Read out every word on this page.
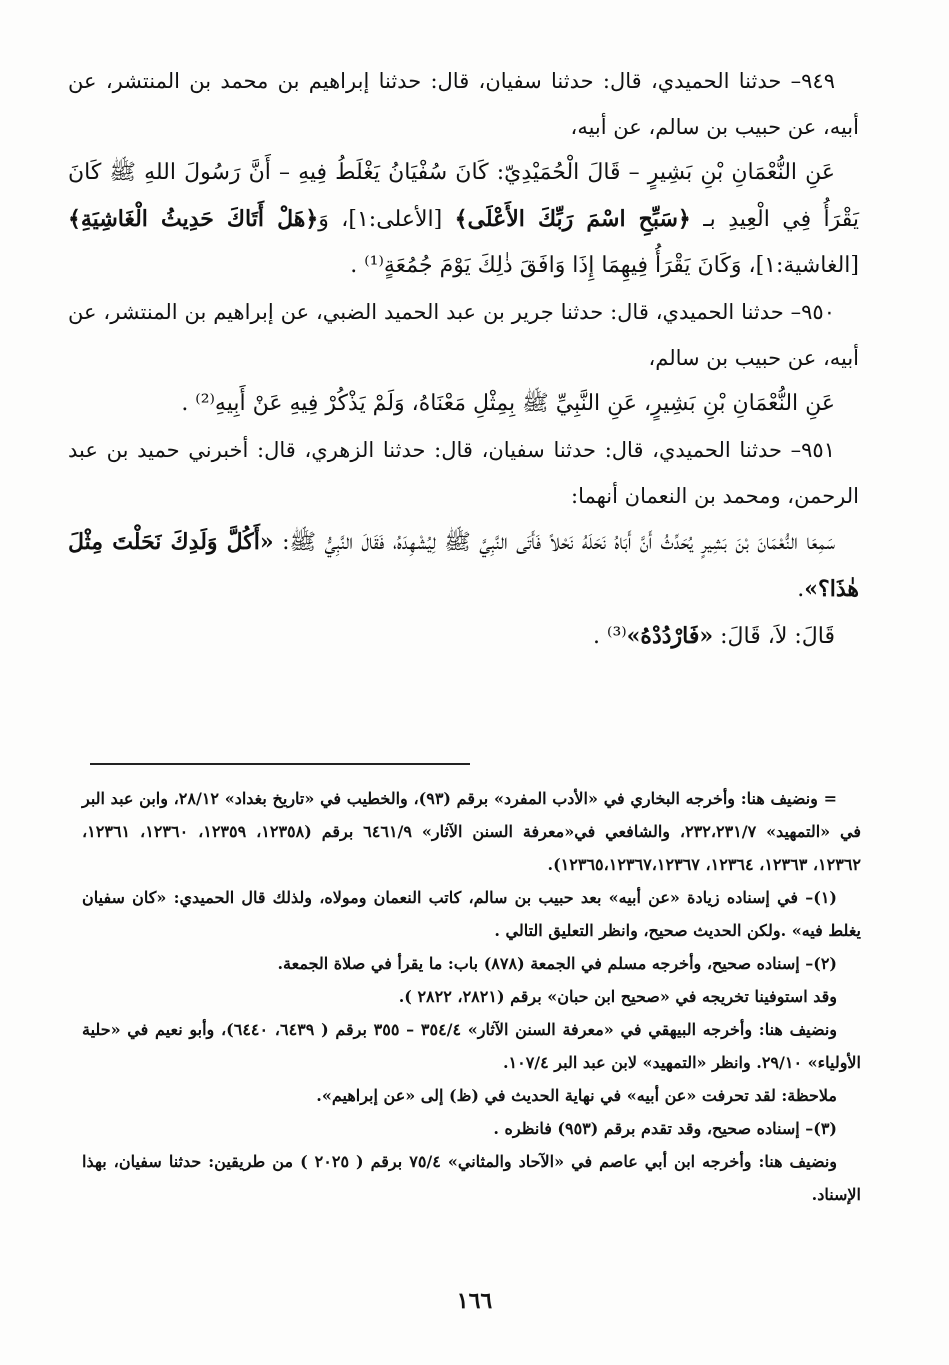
٩٤٩– حدثنا الحميدي، قال: حدثنا سفيان، قال: حدثنا إبراهيم بن محمد بن المنتشر، عن أبيه، عن حبيب بن سالم، عن أبيه،

عَنِ النُّعْمَانِ بْنِ بَشِيرٍ – قَالَ الْحُمَيْدِيّ: كَانَ سُفْيَانُ يَغْلَطُ فِيهِ – أَنَّ رَسُولَ اللهِ ﷺ كَانَ يَقْرَأُ فِي الْعِيدِ بـ ﴿سَبِّحِ اسْمَ رَبِّكَ الأَعْلَى﴾ [الأعلى:١]، وَ﴿هَلْ أَتَاكَ حَدِيثُ الْغَاشِيَةِ﴾ [الغاشية:١]، وَكَانَ يَقْرَأُ فِيهِمَا إِذَا وَافَقَ ذٰلِكَ يَوْمَ جُمُعَةٍ⁽¹⁾ .

٩٥٠– حدثنا الحميدي، قال: حدثنا جرير بن عبد الحميد الضبي، عن إبراهيم بن المنتشر، عن أبيه، عن حبيب بن سالم،

عَنِ النُّعْمَانِ بْنِ بَشِيرٍ، عَنِ النَّبِيِّ ﷺ بِمِثْلِ مَعْنَاهُ، وَلَمْ يَذْكُرْ فِيهِ عَنْ أَبِيهِ⁽²⁾ .

٩٥١– حدثنا الحميدي، قال: حدثنا سفيان، قال: حدثنا الزهري، قال: أخبرني حميد بن عبد الرحمن، ومحمد بن النعمان أنهما:

سَمِعَا النُّعْمَانَ بْنَ بَشِيرٍ يُحَدِّثُ أَنَّ أَبَاهُ نَحَلَهُ نَحْلاً فَأَتَى النَّبِيَّ ﷺ لِيُشْهِدَهُ، فَقَالَ النَّبِيُّ ﷺ: «أَكُلَّ وَلَدِكَ نَحَلْتَ مِثْلَ هٰذَا؟».

قَالَ: لاَ، قَالَ: «فَارْدُدْهُ»⁽³⁾ .

= ونضيف هنا: وأخرجه البخاري في «الأدب المفرد» برقم (٩٣)، والخطيب في «تاريخ بغداد» ٢٨/١٢، وابن عبد البر في «التمهيد» ٢٣٢،٢٣١/٧، والشافعي في«معرفة السنن الآثار» ٦٤٦١/٩ برقم (١٢٣٥٨، ١٢٣٥٩، ١٢٣٦٠، ١٢٣٦١، ١٢٣٦٢، ١٢٣٦٣، ١٢٣٦٤، ١٢٣٦٥،١٢٣٦٧،١٢٣٦٧).

(١)– في إسناده زيادة «عن أبيه» بعد حبيب بن سالم، كاتب النعمان ومولاه، ولذلك قال الحميدي: «كان سفيان يغلط فيه» .ولكن الحديث صحيح، وانظر التعليق التالي .

(٢)– إسناده صحيح، وأخرجه مسلم في الجمعة (٨٧٨) باب: ما يقرأ في صلاة الجمعة.

وقد استوفينا تخريجه في «صحيح ابن حبان» برقم (٢٨٢١، ٢٨٢٢ ).

ونضيف هنا: وأخرجه البيهقي في «معرفة السنن الآثار» ٣٥٤/٤ – ٣٥٥ برقم ( ٦٤٣٩، ٦٤٤٠)، وأبو نعيم في «حلية الأولياء» ٢٩/١٠. وانظر «التمهيد» لابن عبد البر ١٠٧/٤.

ملاحظة: لقد تحرفت «عن أبيه» في نهاية الحديث في (ظ) إلى «عن إبراهيم».

(٣)– إسناده صحيح، وقد تقدم برقم (٩٥٣) فانظره .

ونضيف هنا: وأخرجه ابن أبي عاصم في «الآحاد والمثاني» ٧٥/٤ برقم ( ٢٠٢٥ ) من طريقين: حدثنا سفيان، بهذا الإسناد.

١٦٦
